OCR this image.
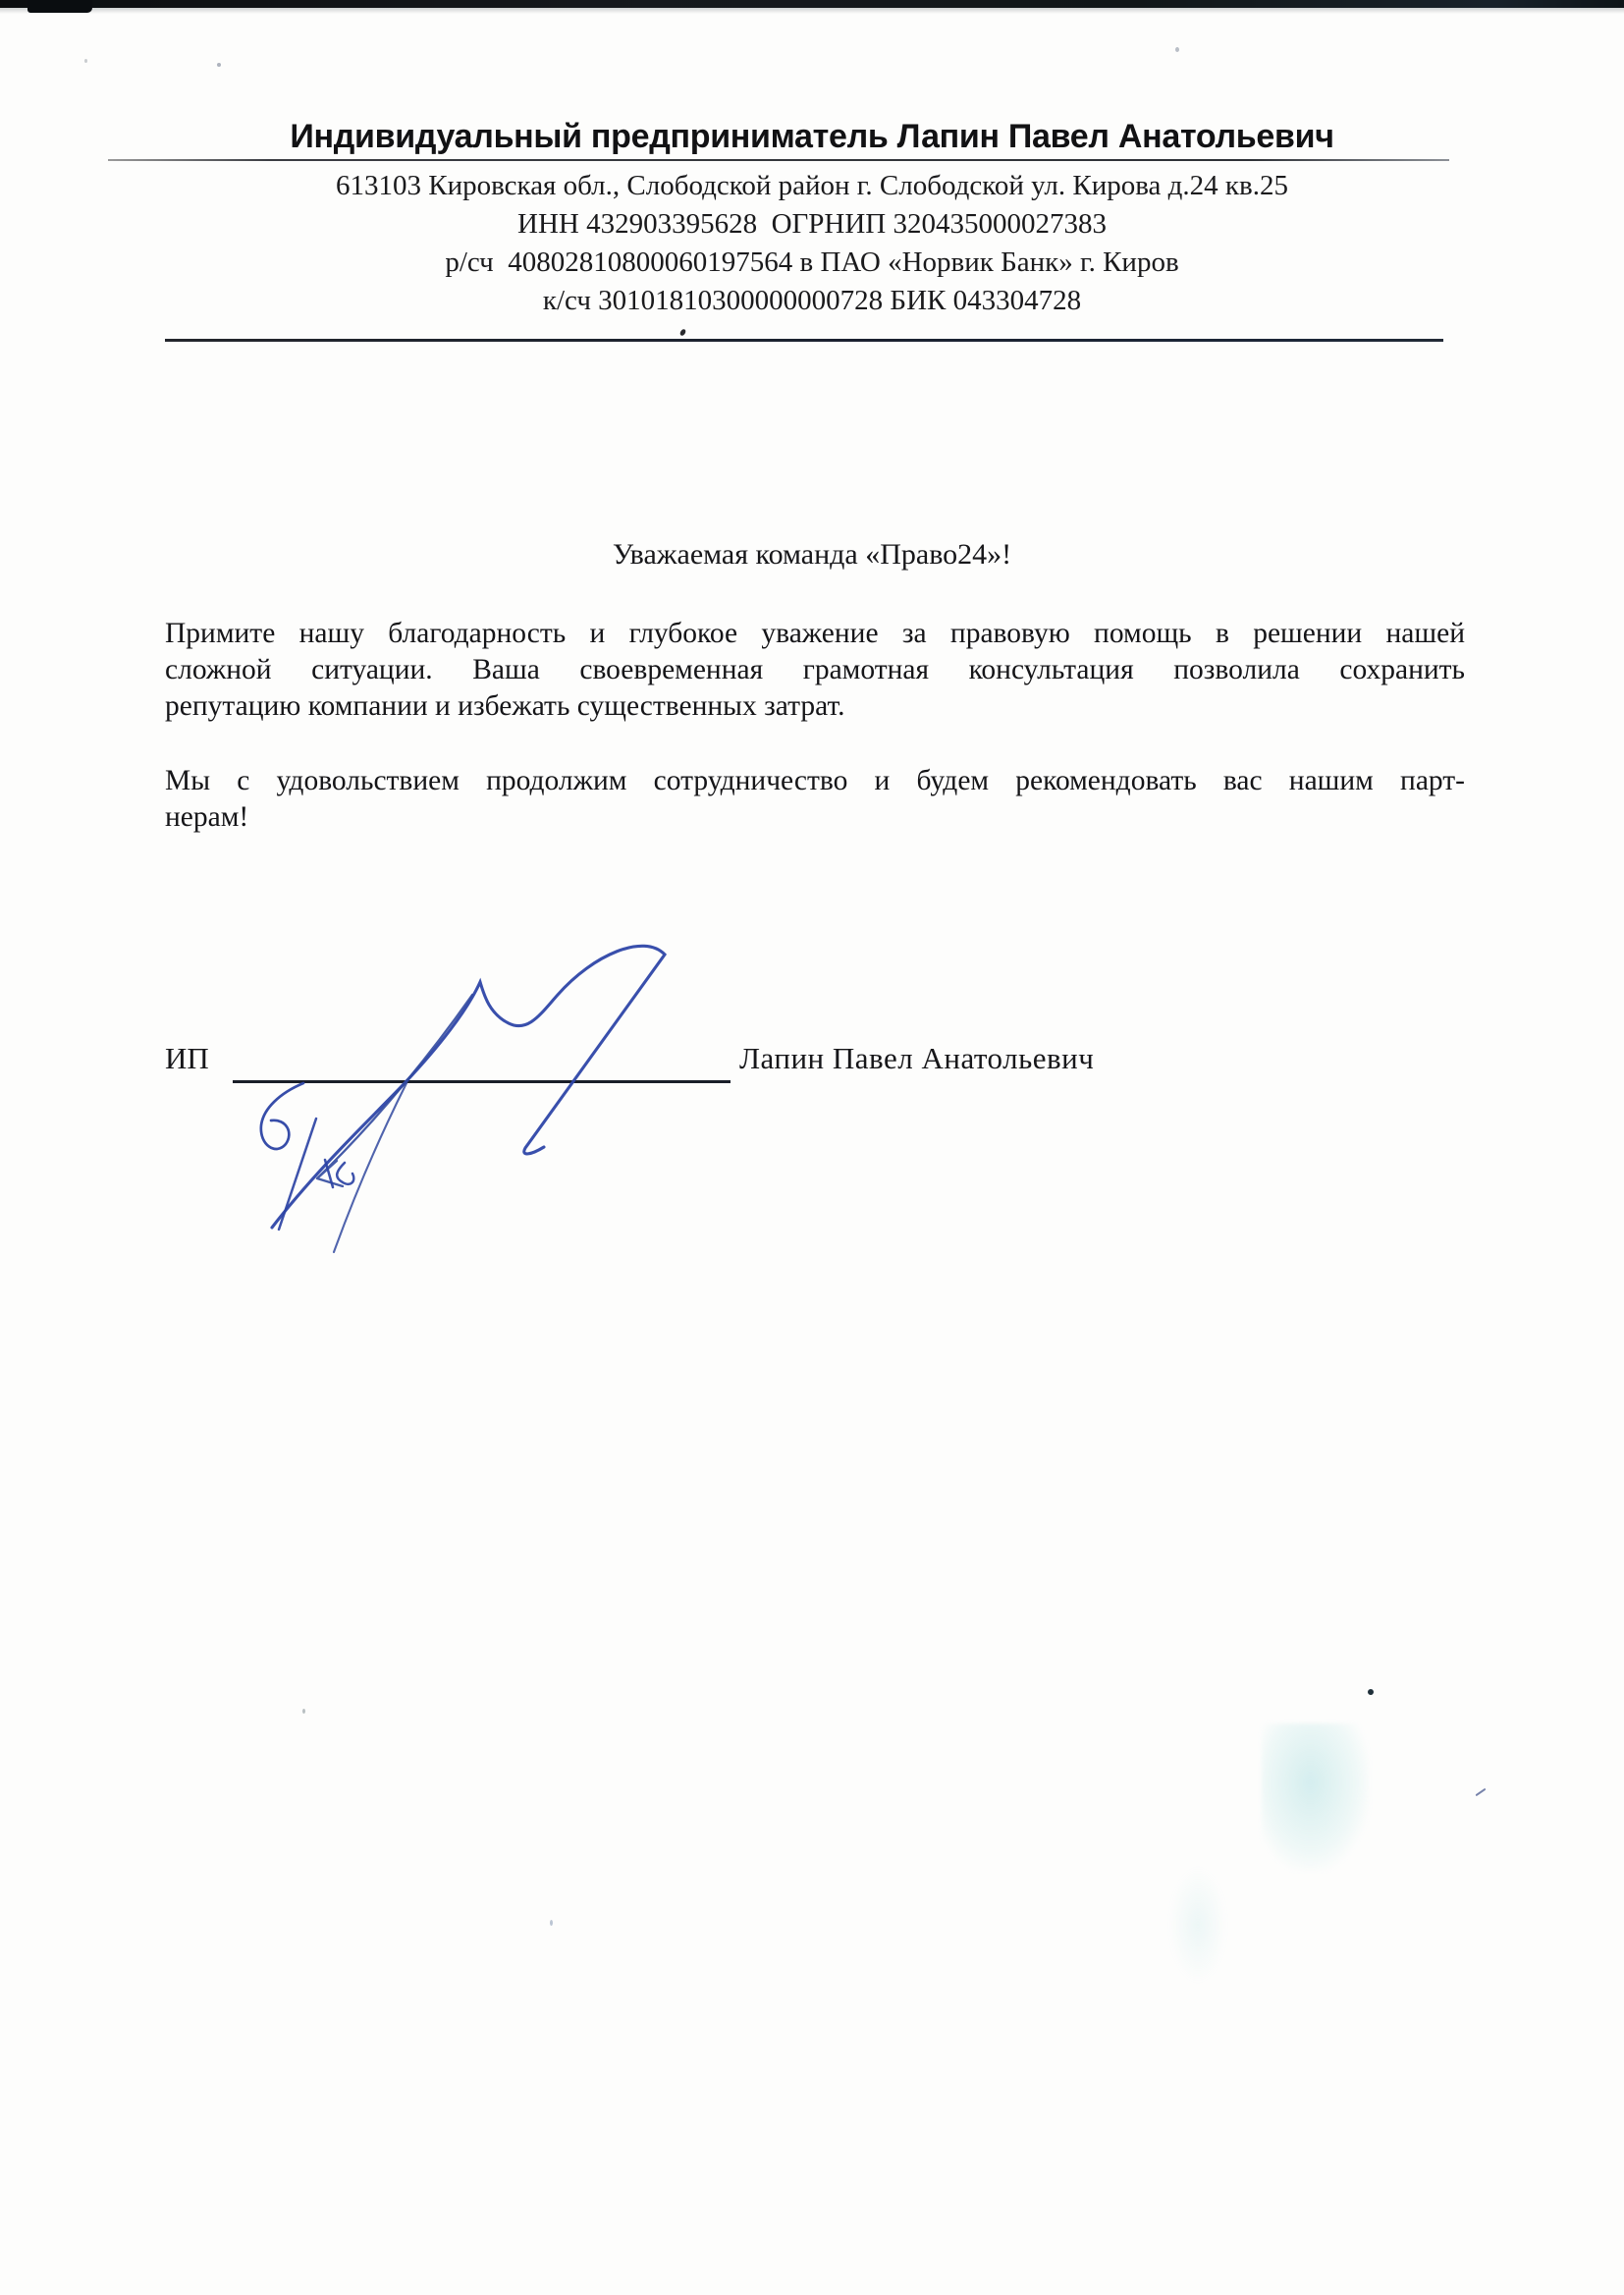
Индивидуальный предприниматель Лапин Павел Анатольевич
613103 Кировская обл., Слободской район г. Слободской ул. Кирова д.24 кв.25
ИНН 432903395628  ОГРНИП 320435000027383
р/сч  40802810800060197564 в ПАО «Норвик Банк» г. Киров
к/сч 30101810300000000728 БИК 043304728
Уважаемая команда «Право24»!
Примите нашу благодарность и глубокое уважение за правовую помощь в решении нашей
сложной ситуации. Ваша своевременная грамотная консультация позволила сохранить
репутацию компании и избежать существенных затрат.
Мы с удовольствием продолжим сотрудничество и будем рекомендовать вас нашим парт-
нерам!
ИП	Лапин Павел Анатольевич
